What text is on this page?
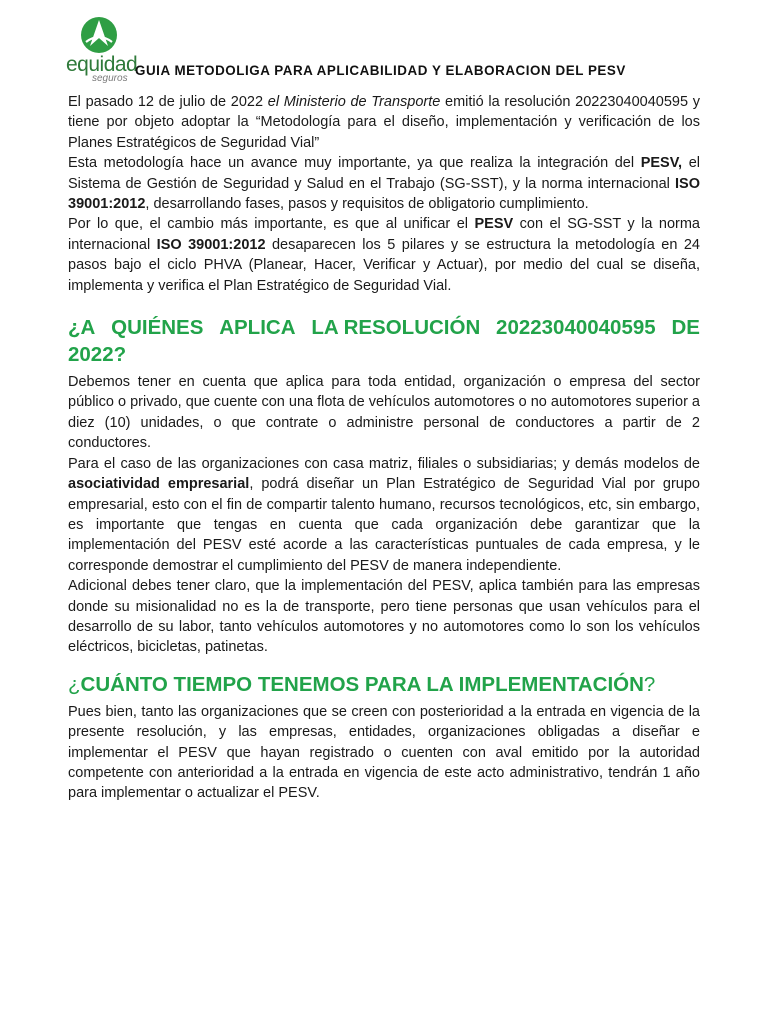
equidad
seguros
GUIA METODOLIGA PARA APLICABILIDAD Y ELABORACION DEL PESV

El pasado 12 de julio de 2022 el Ministerio de Transporte emitió la resolución 20223040040595 y tiene por objeto adoptar la “Metodología para el diseño, implementación y verificación de los Planes Estratégicos de Seguridad Vial”

Esta metodología hace un avance muy importante, ya que realiza la integración del PESV, el Sistema de Gestión de Seguridad y Salud en el Trabajo (SG-SST), y la norma internacional ISO 39001:2012, desarrollando fases, pasos y requisitos de obligatorio cumplimiento.

Por lo que, el cambio más importante, es que al unificar el PESV con el SG-SST y la norma internacional ISO 39001:2012 desaparecen los 5 pilares y se estructura la metodología en 24 pasos bajo el ciclo PHVA (Planear, Hacer, Verificar y Actuar), por medio del cual se diseña, implementa y verifica el Plan Estratégico de Seguridad Vial.

¿A QUIÉNES APLICA LA RESOLUCIÓN 20223040040595 DE
2022?

Debemos tener en cuenta que aplica para toda entidad, organización o empresa del sector público o privado, que cuente con una flota de vehículos automotores o no automotores superior a diez (10) unidades, o que contrate o administre personal de conductores a partir de 2 conductores.

Para el caso de las organizaciones con casa matriz, filiales o subsidiarias; y demás modelos de asociatividad empresarial, podrá diseñar un Plan Estratégico de Seguridad Vial por grupo empresarial, esto con el fin de compartir talento humano, recursos tecnológicos, etc, sin embargo, es importante que tengas en cuenta que cada organización debe garantizar que la implementación del PESV esté acorde a las características puntuales de cada empresa, y le corresponde demostrar el cumplimiento del PESV de manera independiente.

Adicional debes tener claro, que la implementación del PESV, aplica también para las empresas donde su misionalidad no es la de transporte, pero tiene personas que usan vehículos para el desarrollo de su labor, tanto vehículos automotores y no automotores como lo son los vehículos eléctricos, bicicletas, patinetas.

¿CUÁNTO TIEMPO TENEMOS PARA LA IMPLEMENTACIÓN?

Pues bien, tanto las organizaciones que se creen con posterioridad a la entrada en vigencia de la presente resolución, y las empresas, entidades, organizaciones obligadas a diseñar e implementar el PESV que hayan registrado o cuenten con aval emitido por la autoridad competente con anterioridad a la entrada en vigencia de este acto administrativo, tendrán 1 año para implementar o actualizar el PESV.
